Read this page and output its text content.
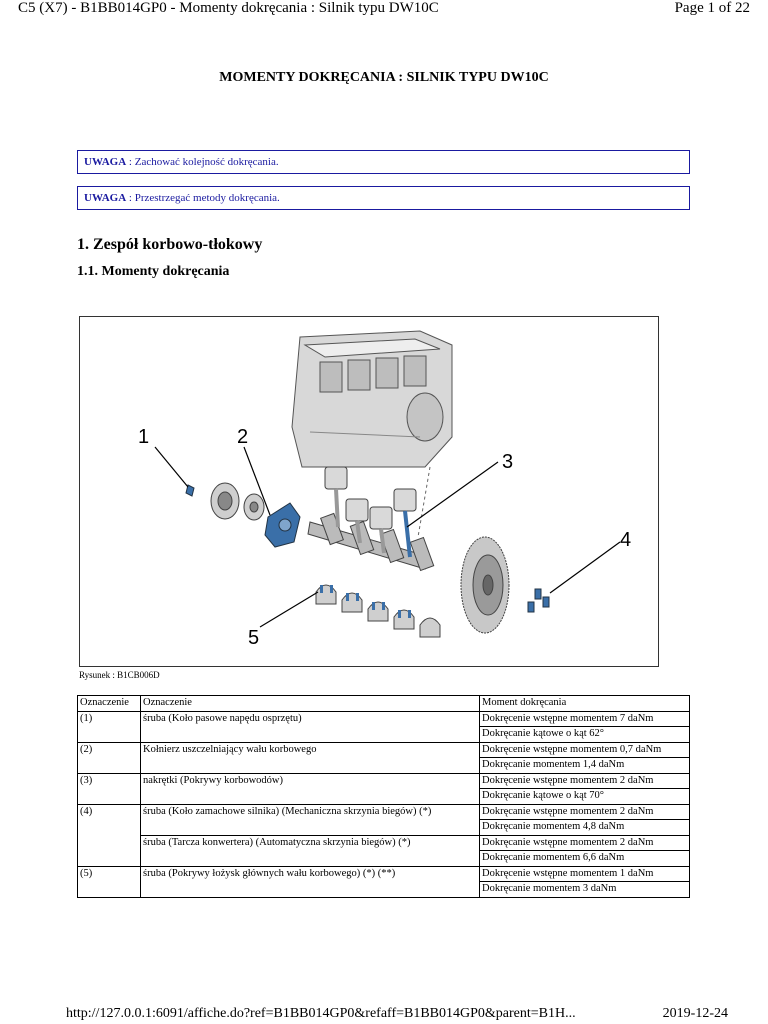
C5 (X7) - B1BB014GP0 - Momenty dokręcania : Silnik typu DW10C	Page 1 of 22
MOMENTY DOKRĘCANIA : SILNIK TYPU DW10C
UWAGA : Zachować kolejność dokręcania.
UWAGA : Przestrzegać metody dokręcania.
1. Zespół korbowo-tłokowy
1.1. Momenty dokręcania
1	2
3
4
5
Rysunek : B1CB006D
Oznaczenie	Oznaczenie	Moment dokręcania
(1)	śruba (Koło pasowe napędu osprzętu)	Dokręcenie wstępne momentem 7 daNm
		Dokręcanie kątowe o kąt 62°
(2)	Kołnierz uszczelniający wału korbowego	Dokręcenie wstępne momentem 0,7 daNm
		Dokręcanie momentem 1,4 daNm
(3)	nakrętki (Pokrywy korbowodów)	Dokręcenie wstępne momentem 2 daNm
		Dokręcanie kątowe o kąt 70°
(4)	śruba (Koło zamachowe silnika) (Mechaniczna skrzynia biegów) (*)	Dokręcanie wstępne momentem 2 daNm
		Dokręcanie momentem 4,8 daNm
	śruba (Tarcza konwertera) (Automatyczna skrzynia biegów) (*)	Dokręcanie wstępne momentem 2 daNm
		Dokręcanie momentem 6,6 daNm
(5)	śruba (Pokrywy łożysk głównych wału korbowego) (*) (**)	Dokręcenie wstępne momentem 1 daNm
		Dokręcanie momentem 3 daNm
http://127.0.0.1:6091/affiche.do?ref=B1BB014GP0&refaff=B1BB014GP0&parent=B1H...	2019-12-24
